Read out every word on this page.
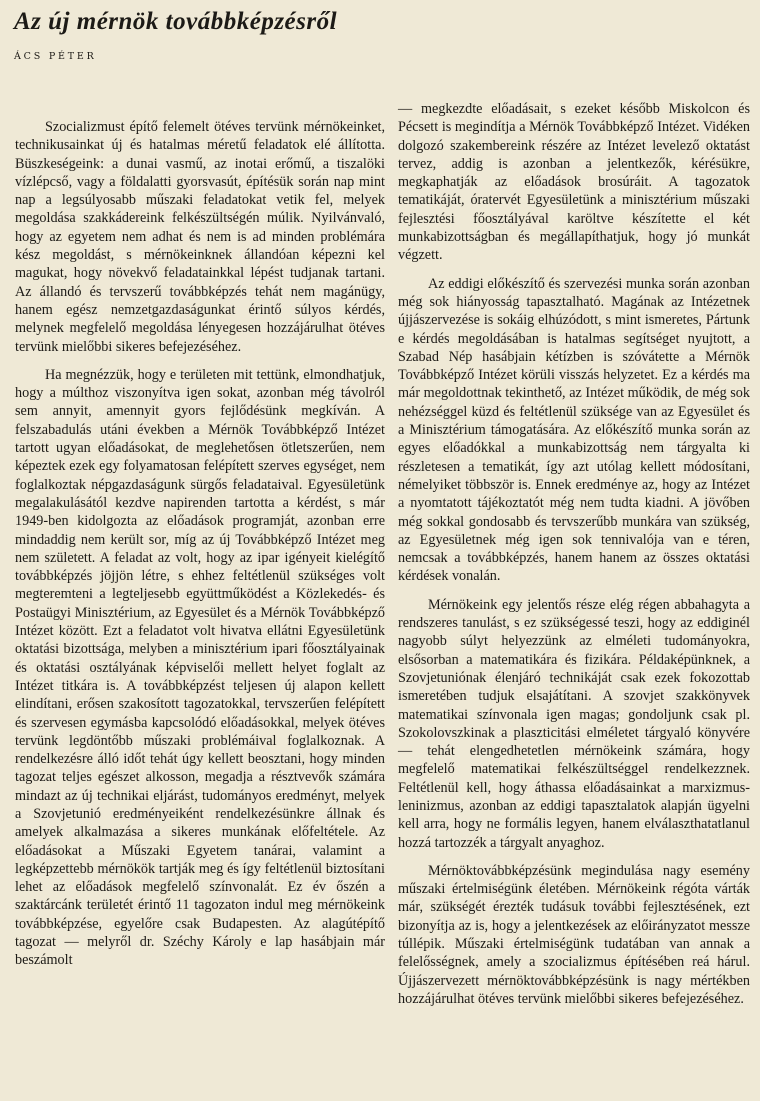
Az új mérnök továbbképzésről
ÁCS PÉTER

Szocializmust építő felemelt ötéves tervünk mérnökeinket, technikusainkat új és hatalmas méretű feladatok elé állította. Büszkeségeink: a dunai vasmű, az inotai erőmű, a tiszalöki vízlépcső, vagy a földalatti gyorsvasút, építésük során nap mint nap a legsúlyosabb műszaki feladatokat vetik fel, melyek megoldása szakkádereink felkészültségén múlik. Nyilvánvaló, hogy az egyetem nem adhat és nem is ad minden problémára kész megoldást, s mérnökeinknek állandóan képezni kel magukat, hogy növekvő feladatainkkal lépést tudjanak tartani. Az állandó és tervszerű továbbképzés tehát nem magánügy, hanem egész nemzetgazdaságunkat érintő súlyos kérdés, melynek megfelelő megoldása lényegesen hozzájárulhat ötéves tervünk mielőbbi sikeres befejezéséhez.

Ha megnézzük, hogy e területen mit tettünk, elmondhatjuk, hogy a múlthoz viszonyítva igen sokat, azonban még távolról sem annyit, amennyit gyors fejlődésünk megkíván. A felszabadulás utáni években a Mérnök Továbbképző Intézet tartott ugyan előadásokat, de meglehetősen ötletszerűen, nem képeztek ezek egy folyamatosan felépített szerves egységet, nem foglalkoztak népgazdaságunk sürgős feladataival. Egyesületünk megalakulásától kezdve napirenden tartotta a kérdést, s már 1949-ben kidolgozta az előadások programját, azonban erre mindaddig nem került sor, míg az új Továbbképző Intézet meg nem született. A feladat az volt, hogy az ipar igényeit kielégítő továbbképzés jöjjön létre, s ehhez feltétlenül szükséges volt megteremteni a legteljesebb együttműködést a Közlekedés- és Postaügyi Minisztérium, az Egyesület és a Mérnök Továbbképző Intézet között. Ezt a feladatot volt hivatva ellátni Egyesületünk oktatási bizottsága, melyben a minisztérium ipari főosztályainak és oktatási osztályának képviselői mellett helyet foglalt az Intézet titkára is. A továbbképzést teljesen új alapon kellett elindítani, erősen szakosított tagozatokkal, tervszerűen felépített és szervesen egymásba kapcsolódó előadásokkal, melyek ötéves tervünk legdöntőbb műszaki problémáival foglalkoznak. A rendelkezésre álló időt tehát úgy kellett beosztani, hogy minden tagozat teljes egészet alkosson, megadja a résztvevők számára mindazt az új technikai eljárást, tudományos eredményt, melyek a Szovjetunió eredményeiként rendelkezésünkre állnak és amelyek alkalmazása a sikeres munkának előfeltétele. Az előadásokat a Műszaki Egyetem tanárai, valamint a legképzettebb mérnökök tartják meg és így feltétlenül biztosítani lehet az előadások megfelelő színvonalát. Ez év őszén a szaktárcánk területét érintő 11 tagozaton indul meg mérnökeink továbbképzése, egyelőre csak Budapesten. Az alagútépítő tagozat — melyről dr. Széchy Károly e lap hasábjain már beszámolt

— megkezdte előadásait, s ezeket később Miskolcon és Pécsett is megindítja a Mérnök Továbbképző Intézet. Vidéken dolgozó szakembereink részére az Intézet levelező oktatást tervez, addig is azonban a jelentkezők, kérésükre, megkaphatják az előadások brosúráit. A tagozatok tematikáját, óratervét Egyesületünk a minisztérium műszaki fejlesztési főosztályával karöltve készítette el két munkabizottságban és megállapíthatjuk, hogy jó munkát végzett.

Az eddigi előkészítő és szervezési munka során azonban még sok hiányosság tapasztalható. Magának az Intézetnek újjászervezése is sokáig elhúzódott, s mint ismeretes, Pártunk e kérdés megoldásában is hatalmas segítséget nyujtott, a Szabad Nép hasábjain kétízben is szóvátette a Mérnök Továbbképző Intézet körüli visszás helyzetet. Ez a kérdés ma már megoldottnak tekinthető, az Intézet működik, de még sok nehézséggel küzd és feltétlenül szüksége van az Egyesület és a Minisztérium támogatására. Az előkészítő munka során az egyes előadókkal a munkabizottság nem tárgyalta ki részletesen a tematikát, így azt utólag kellett módosítani, némelyiket többször is. Ennek eredménye az, hogy az Intézet a nyomtatott tájékoztatót még nem tudta kiadni. A jövőben még sokkal gondosabb és tervszerűbb munkára van szükség, az Egyesületnek még igen sok tennivalója van e téren, nemcsak a továbbképzés, hanem hanem az összes oktatási kérdések vonalán.

Mérnökeink egy jelentős része elég régen abbahagyta a rendszeres tanulást, s ez szükségessé teszi, hogy az eddiginél nagyobb súlyt helyezzünk az elméleti tudományokra, elsősorban a matematikára és fizikára. Példaképünknek, a Szovjetuniónak élenjáró technikáját csak ezek fokozottab ismeretében tudjuk elsajátítani. A szovjet szakkönyvek matematikai színvonala igen magas; gondoljunk csak pl. Szokolovszkinak a plaszticitási elméletet tárgyaló könyvére — tehát elengedhetetlen mérnökeink számára, hogy megfelelő matematikai felkészültséggel rendelkezznek. Feltétlenül kell, hogy áthassa előadásainkat a marxizmus-leninizmus, azonban az eddigi tapasztalatok alapján ügyelni kell arra, hogy ne formális legyen, hanem elválaszthatatlanul hozzá tartozzék a tárgyalt anyaghoz.

Mérnöktovábbképzésünk megindulása nagy esemény műszaki értelmiségünk életében. Mérnökeink régóta várták már, szükségét érezték tudásuk további fejlesztésének, ezt bizonyítja az is, hogy a jelentkezések az előirányzatot messze túllépik. Műszaki értelmiségünk tudatában van annak a felelősségnek, amely a szocializmus építésében reá hárul. Újjászervezett mérnöktovábbképzésünk is nagy mértékben hozzájárulhat ötéves tervünk mielőbbi sikeres befejezéséhez.
